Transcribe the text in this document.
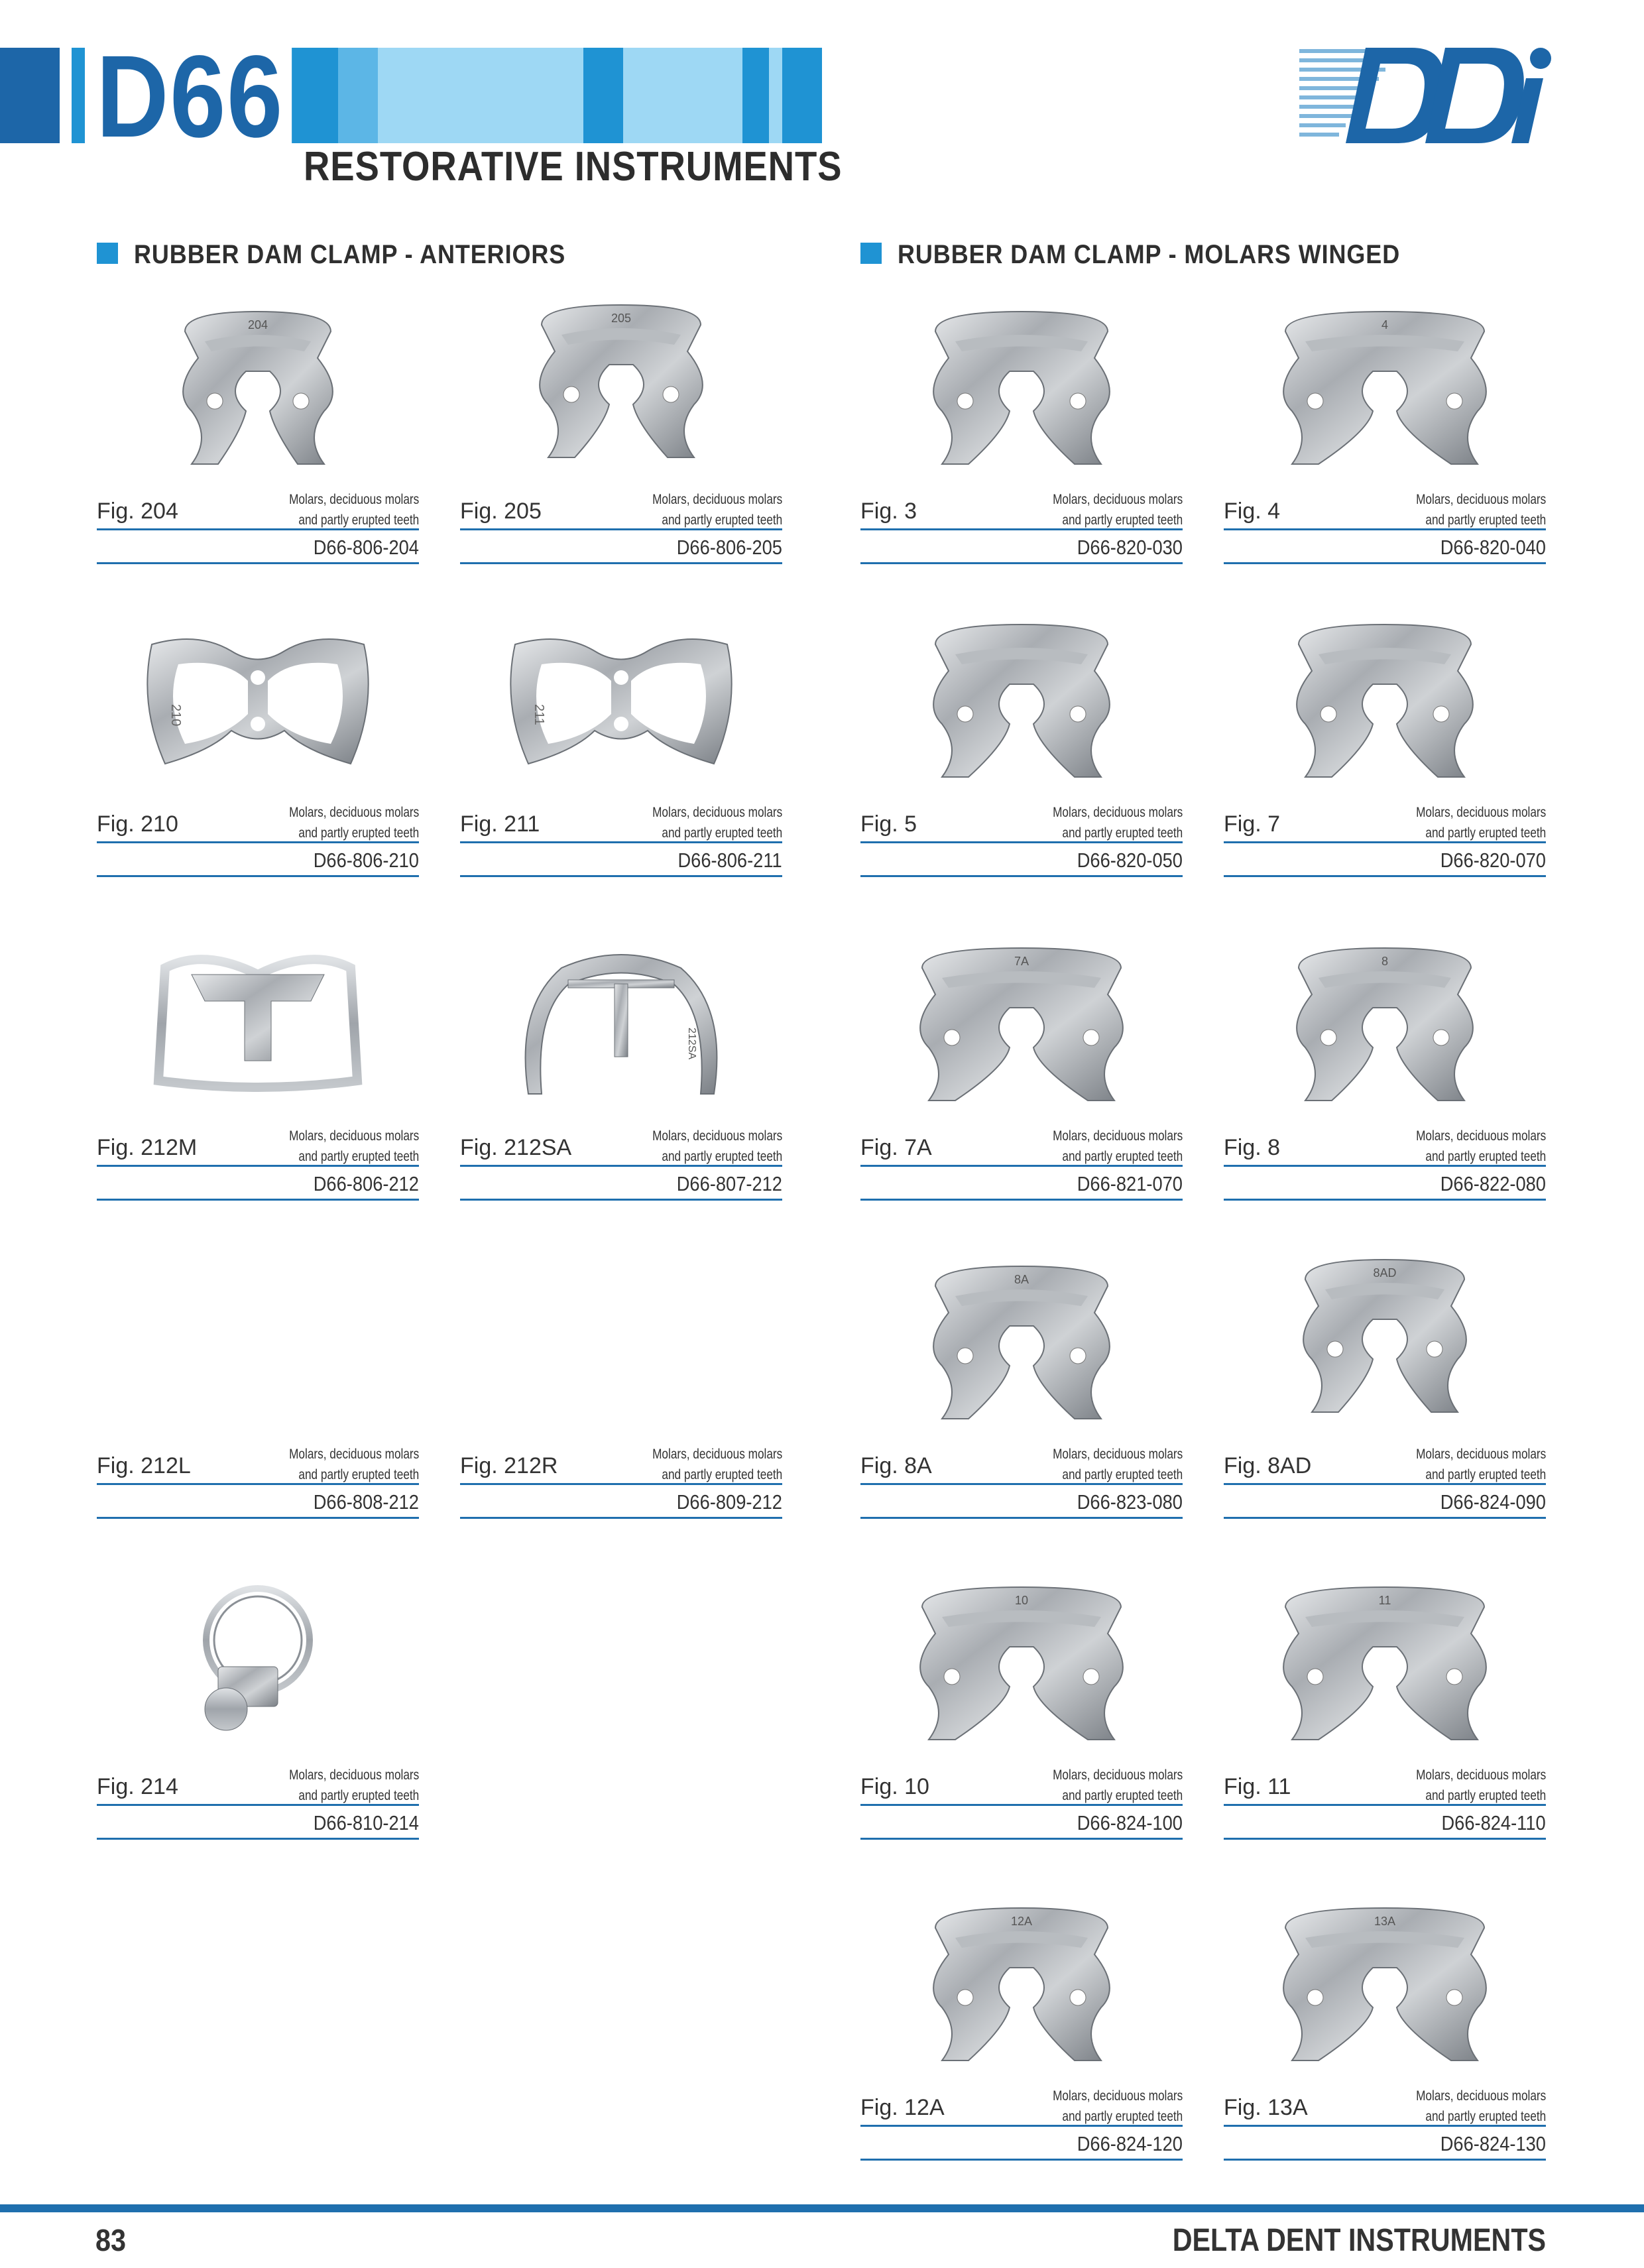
D66
RESTORATIVE INSTRUMENTS
RUBBER DAM CLAMP - ANTERIORS	RUBBER DAM CLAMP - MOLARS WINGED
204
Fig. 204	Molars, deciduous molars
and partly erupted teeth
D66-806-204
205
Fig. 205	Molars, deciduous molars
and partly erupted teeth
D66-806-205
Fig. 3	Molars, deciduous molars
and partly erupted teeth
D66-820-030
4
Fig. 4	Molars, deciduous molars
and partly erupted teeth
D66-820-040
210
Fig. 210	Molars, deciduous molars
and partly erupted teeth
D66-806-210
211
Fig. 211	Molars, deciduous molars
and partly erupted teeth
D66-806-211
Fig. 5	Molars, deciduous molars
and partly erupted teeth
D66-820-050
Fig. 7	Molars, deciduous molars
and partly erupted teeth
D66-820-070
Fig. 212M	Molars, deciduous molars
and partly erupted teeth
D66-806-212
212SA
Fig. 212SA	Molars, deciduous molars
and partly erupted teeth
D66-807-212
7A
Fig. 7A	Molars, deciduous molars
and partly erupted teeth
D66-821-070
8
Fig. 8	Molars, deciduous molars
and partly erupted teeth
D66-822-080
Fig. 212L	Molars, deciduous molars
and partly erupted teeth
D66-808-212
Fig. 212R	Molars, deciduous molars
and partly erupted teeth
D66-809-212
8A
Fig. 8A	Molars, deciduous molars
and partly erupted teeth
D66-823-080
8AD
Fig. 8AD	Molars, deciduous molars
and partly erupted teeth
D66-824-090
Fig. 214	Molars, deciduous molars
and partly erupted teeth
D66-810-214
10
Fig. 10	Molars, deciduous molars
and partly erupted teeth
D66-824-100
11
Fig. 11	Molars, deciduous molars
and partly erupted teeth
D66-824-110
12A
Fig. 12A	Molars, deciduous molars
and partly erupted teeth
D66-824-120
13A
Fig. 13A	Molars, deciduous molars
and partly erupted teeth
D66-824-130
83	DELTA DENT INSTRUMENTS
